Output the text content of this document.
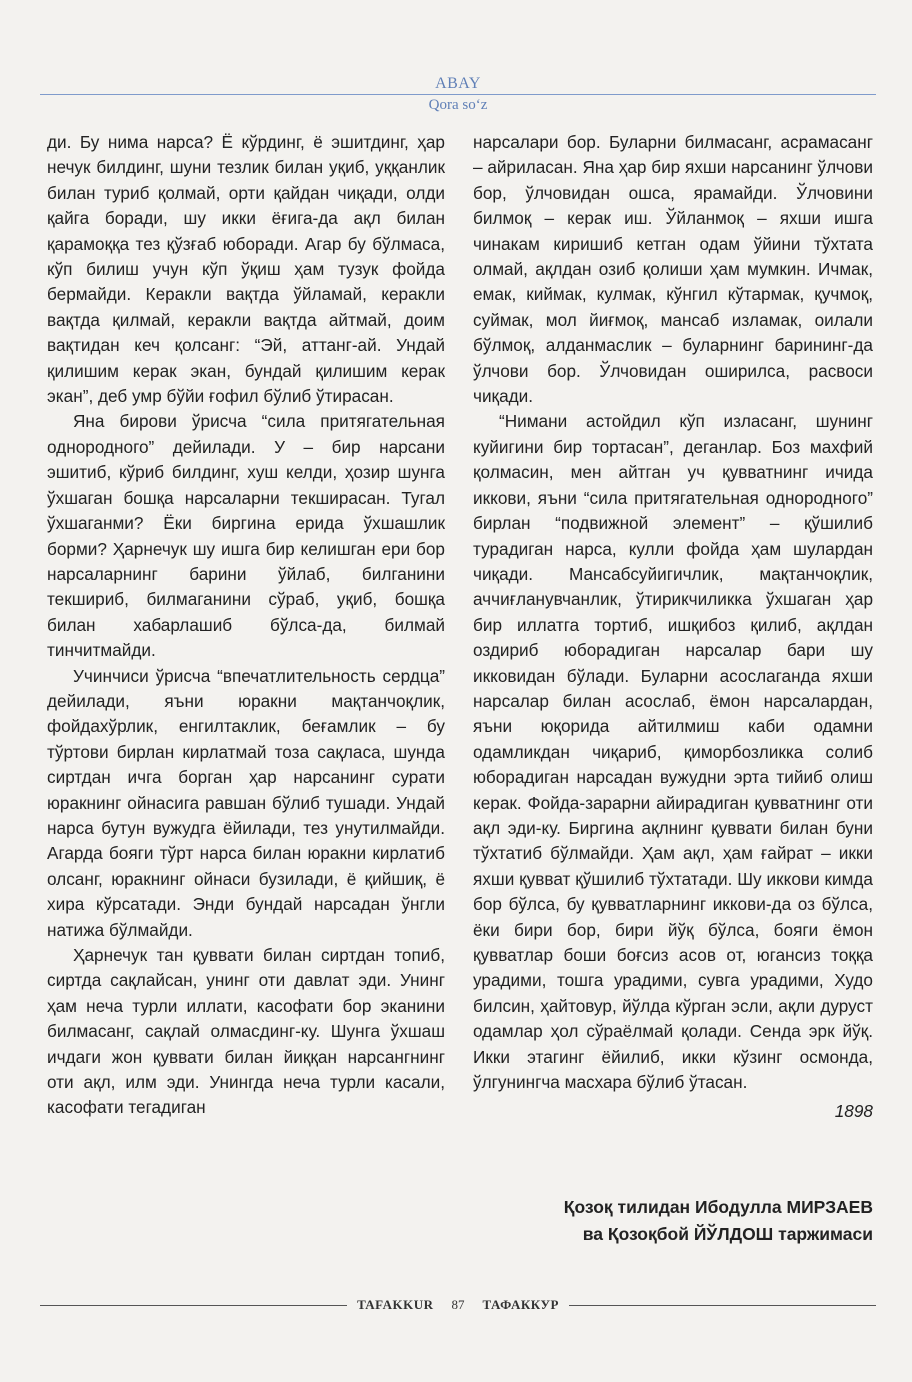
ABAY
Qora so‘z

ди. Бу нима нарса? Ё кўрдинг, ё эшитдинг, ҳар нечук билдинг, шуни тезлик билан уқиб, уққанлик билан туриб қолмай, орти қайдан чиқади, олди қайга боради, шу икки ёғига-да ақл билан қарамоққа тез қўзғаб юборади. Агар бу бўлмаса, кўп билиш учун кўп ўқиш ҳам тузук фойда бермайди. Керакли вақтда ўйламай, керакли вақтда қилмай, керакли вақтда айтмай, доим вақтидан кеч қолсанг: “Эй, аттанг-ай. Ундай қилишим керак экан, бундай қилишим керак экан”, деб умр бўйи ғофил бўлиб ўтирасан.

Яна бирови ўрисча “сила притягательная однородного” дейилади. У – бир нарсани эшитиб, кўриб билдинг, хуш келди, ҳозир шунга ўхшаган бошқа нарсаларни текширасан. Тугал ўхшаганми? Ёки биргина ерида ўхшашлик борми? Ҳарнечук шу ишга бир келишган ери бор нарсаларнинг барини ўйлаб, билганини текшириб, билмаганини сўраб, уқиб, бошқа билан хабарлашиб бўлса-да, билмай тинчитмайди.

Учинчиси ўрисча “впечатлительность сердца” дейилади, яъни юракни мақтанчоқлик, фойдахўрлик, енгилтаклик, беғамлик – бу тўртови бирлан кирлатмай тоза сақласа, шунда сиртдан ичга борган ҳар нарсанинг сурати юракнинг ойнасига равшан бўлиб тушади. Ундай нарса бутун вужудга ёйилади, тез унутилмайди. Агарда бояги тўрт нарса билан юракни кирлатиб олсанг, юракнинг ойнаси бузилади, ё қийшиқ, ё хира кўрсатади. Энди бундай нарсадан ўнгли натижа бўлмайди.

Ҳарнечук тан қуввати билан сиртдан топиб, сиртда сақлайсан, унинг оти давлат эди. Унинг ҳам неча турли иллати, касофати бор эканини билмасанг, сақлай олмасдинг-ку. Шунга ўхшаш ичдаги жон қуввати билан йиққан нарсангнинг оти ақл, илм эди. Унингда неча турли касали, касофати тегадиган

нарсалари бор. Буларни билмасанг, асрамасанг – айриласан. Яна ҳар бир яхши нарсанинг ўлчови бор, ўлчовидан ошса, ярамайди. Ўлчовини билмоқ – керак иш. Ўйланмоқ – яхши ишга чинакам киришиб кетган одам ўйини тўхтата олмай, ақлдан озиб қолиши ҳам мумкин. Ичмак, емак, киймак, кулмак, кўнгил кўтармак, қучмоқ, суймак, мол йиғмоқ, мансаб изламак, оилали бўлмоқ, алданмаслик – буларнинг барининг-да ўлчови бор. Ўлчовидан оширилса, расвоси чиқади.

“Нимани астойдил кўп изласанг, шунинг куйигини бир тортасан”, деганлар. Боз махфий қолмасин, мен айтган уч қувватнинг ичида иккови, яъни “сила притягательная однородного” бирлан “подвижной элемент” – қўшилиб турадиган нарса, кулли фойда ҳам шулардан чиқади. Мансабсуйигичлик, мақтанчоқлик, аччиғланувчанлик, ўтирикчиликка ўхшаган ҳар бир иллатга тортиб, ишқибоз қилиб, ақлдан оздириб юборадиган нарсалар бари шу икковидан бўлади. Буларни асослаганда яхши нарсалар билан асослаб, ёмон нарсалардан, яъни юқорида айтилмиш каби одамни одамликдан чиқариб, қиморбозликка солиб юборадиган нарсадан вужудни эрта тийиб олиш керак. Фойда-зарарни айирадиган қувватнинг оти ақл эди-ку. Биргина ақлнинг қуввати билан буни тўхтатиб бўлмайди. Ҳам ақл, ҳам ғайрат – икки яхши қувват қўшилиб тўхтатади. Шу иккови кимда бор бўлса, бу қувватларнинг иккови-да оз бўлса, ёки бири бор, бири йўқ бўлса, бояги ёмон қувватлар боши боғсиз асов от, югансиз тоққа урадими, тошга урадими, сувга урадими, Худо билсин, ҳайтовур, йўлда кўрган эсли, ақли дуруст одамлар ҳол сўраёлмай қолади. Сенда эрк йўқ. Икки этагинг ёйилиб, икки кўзинг осмонда, ўлгунингча масхара бўлиб ўтасан.

1898
Қозоқ тилидан Ибодулла МИРЗАЕВ
ва Қозоқбой ЙЎЛДОШ таржимаси
TAFAKKUR	87	ТАФАККУР
